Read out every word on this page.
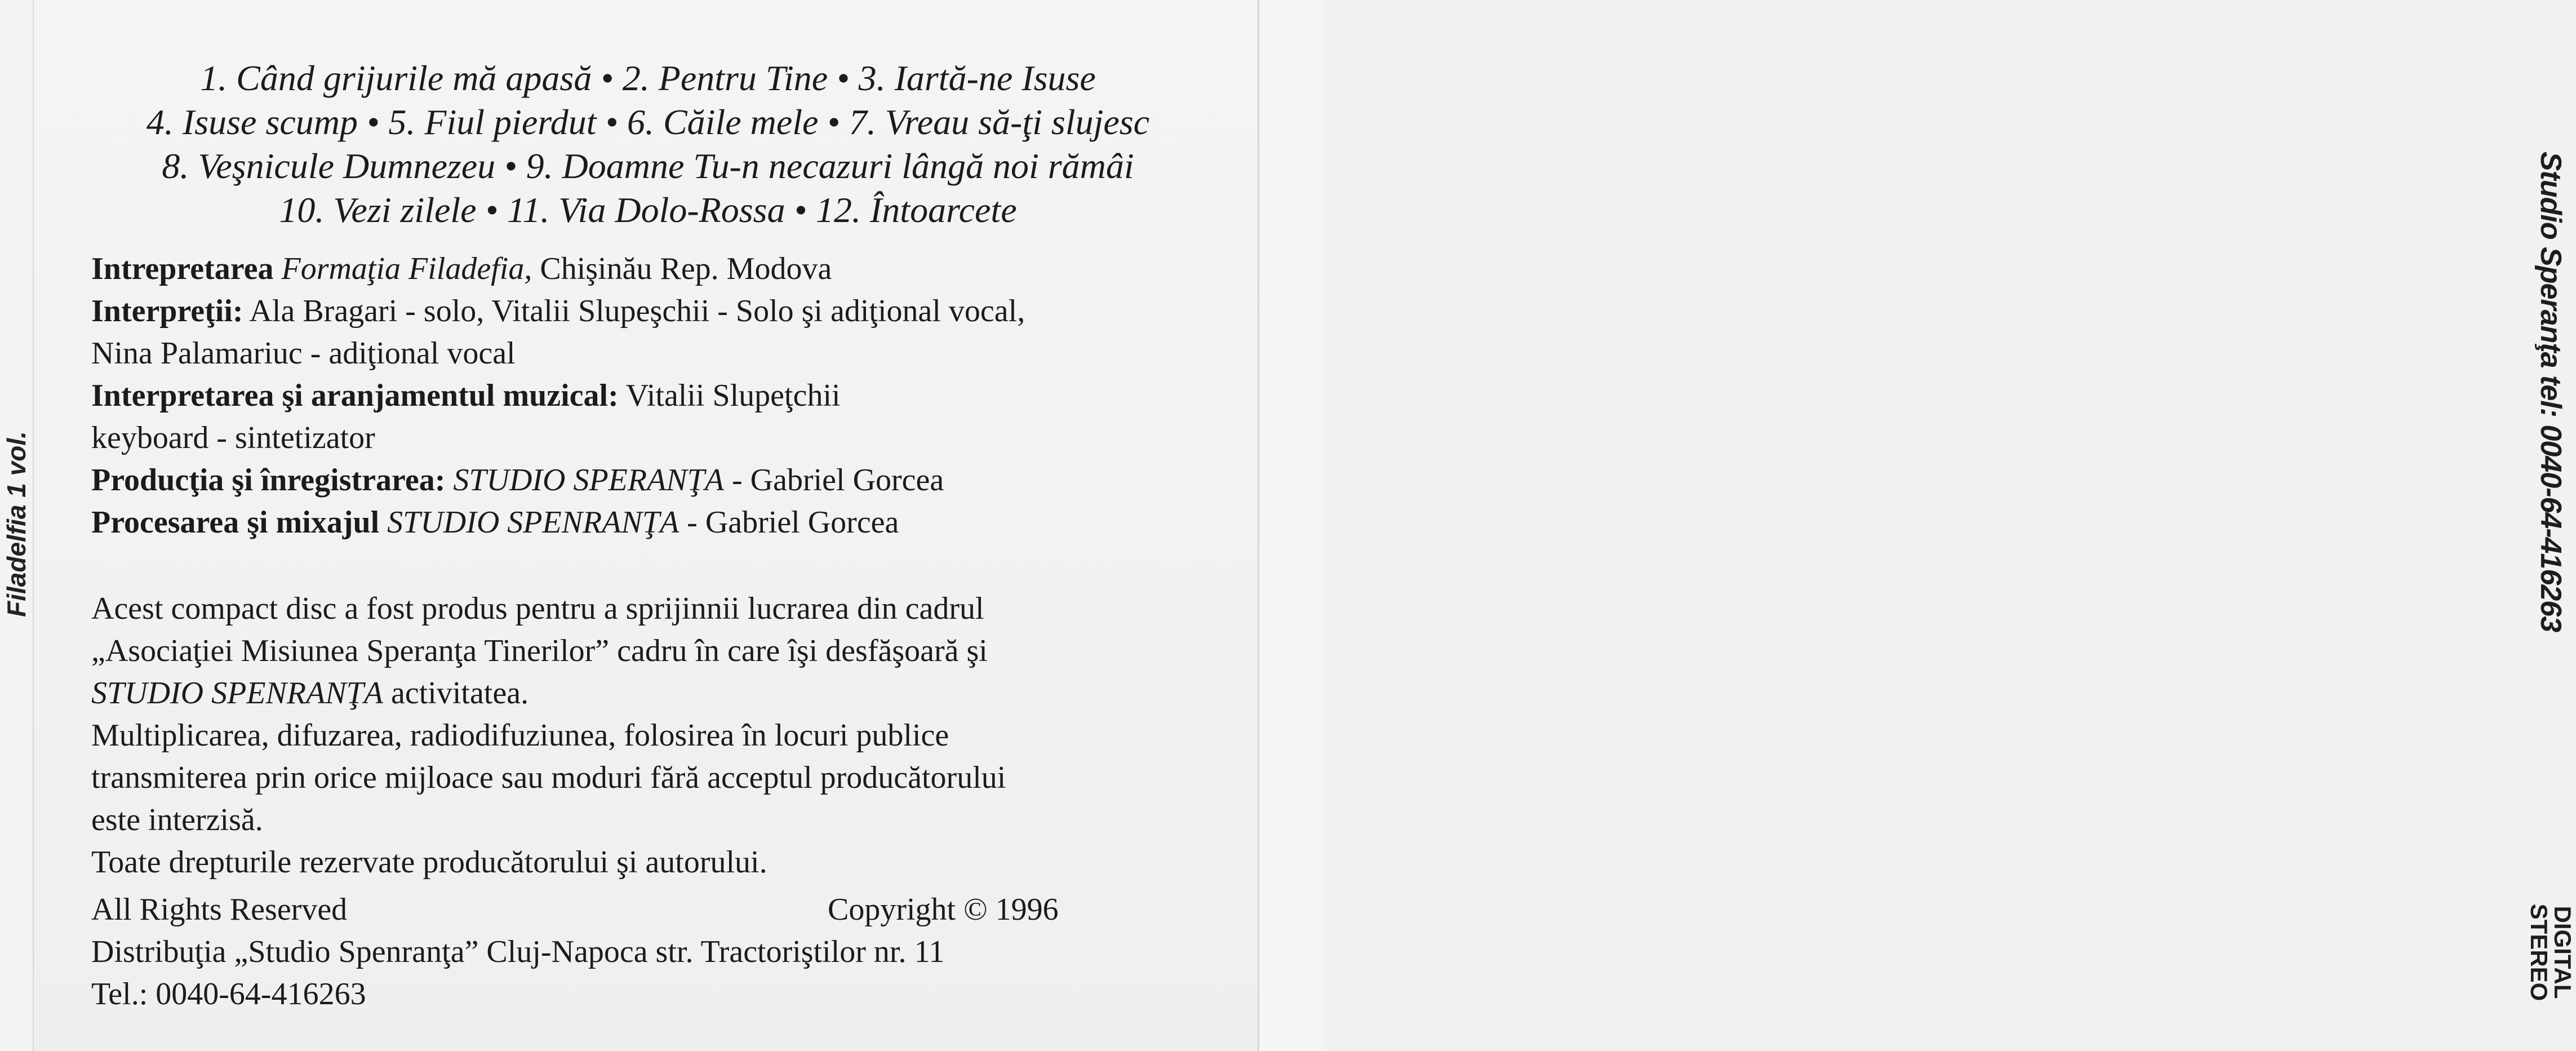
Filadelfia 1 vol.	Studio Speranţa tel: 0040-64-416263
DIGITAL
STEREO
1. Când grijurile mă apasă • 2. Pentru Tine • 3. Iartă-ne Isuse
4. Isuse scump • 5. Fiul pierdut • 6. Căile mele • 7. Vreau să-ţi slujesc
8. Veşnicule Dumnezeu • 9. Doamne Tu-n necazuri lângă noi rămâi
10. Vezi zilele • 11. Via Dolo-Rossa • 12. Întoarcete
Intrepretarea Formaţia Filadefia, Chişinău Rep. Modova
Interpreţii: Ala Bragari - solo, Vitalii Slupeşchii - Solo şi adiţional vocal,
Nina Palamariuc - adiţional vocal
Interpretarea şi aranjamentul muzical: Vitalii Slupeţchii
keyboard - sintetizator
Producţia şi înregistrarea: STUDIO SPERANŢA - Gabriel Gorcea
Procesarea şi mixajul STUDIO SPENRANŢA - Gabriel Gorcea
Acest compact disc a fost produs pentru a sprijinnii lucrarea din cadrul
„Asociaţiei Misiunea Speranţa Tinerilor” cadru în care îşi desfăşoară şi
STUDIO SPENRANŢA activitatea.
Multiplicarea, difuzarea, radiodifuziunea, folosirea în locuri publice
transmiterea prin orice mijloace sau moduri fără acceptul producătorului
este interzisă.
Toate drepturile rezervate producătorului şi autorului.
All Rights Reserved	Copyright © 1996
Distribuţia „Studio Spenranţa” Cluj-Napoca str. Tractoriştilor nr. 11
Tel.: 0040-64-416263
